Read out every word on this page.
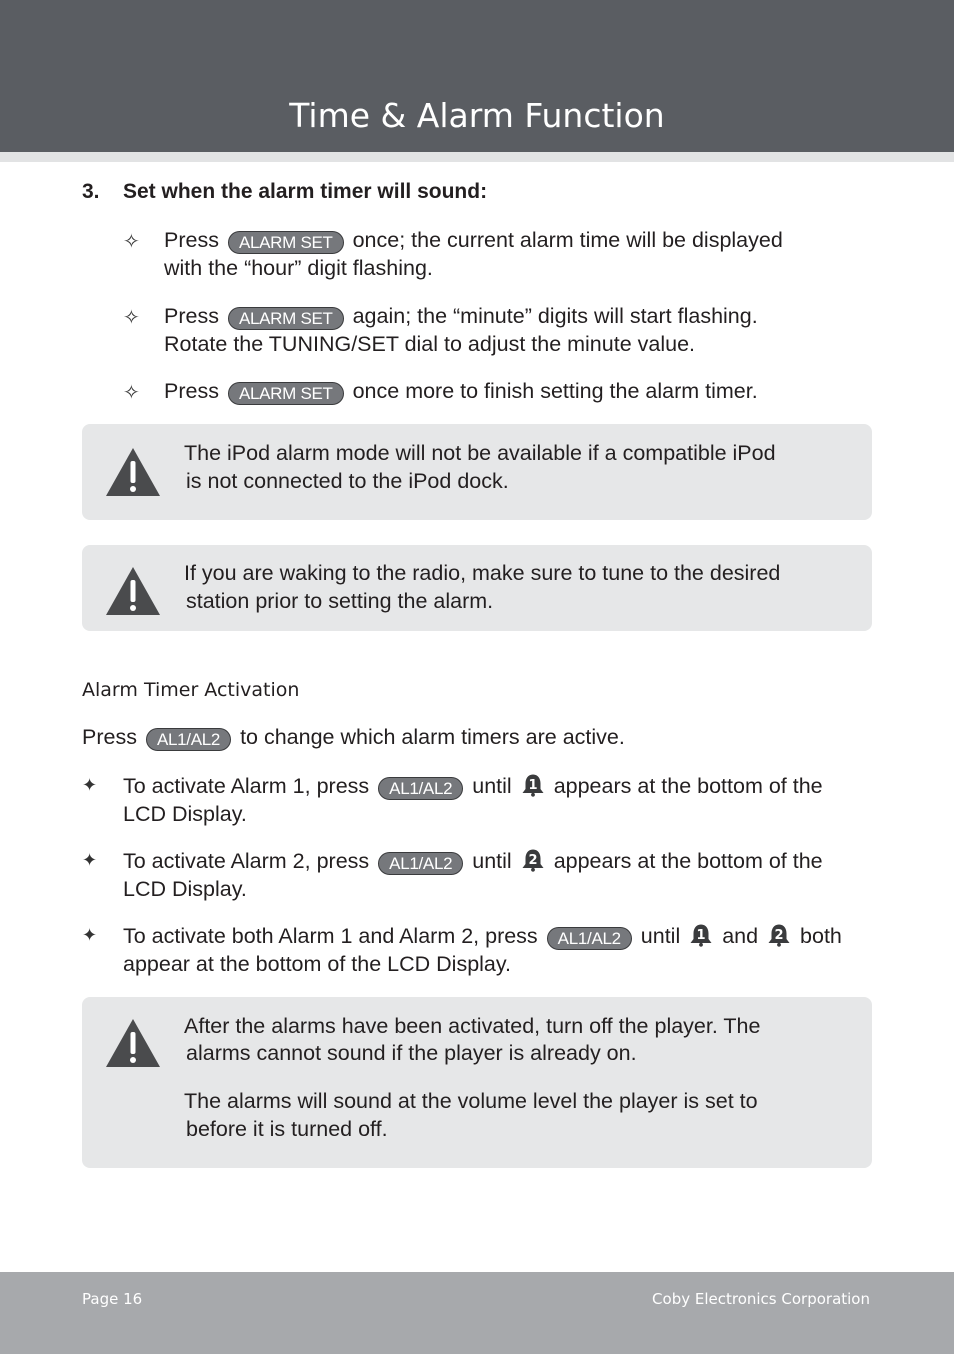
Time & Alarm Function
3. Set when the alarm timer will sound:
✧ Press ALARM SET once; the current alarm time will be displayed
with the “hour” digit flashing.
✧ Press ALARM SET again; the “minute” digits will start flashing.
Rotate the TUNING/SET dial to adjust the minute value.
✧ Press ALARM SET once more to finish setting the alarm timer.
The iPod alarm mode will not be available if a compatible iPod
is not connected to the iPod dock.
If you are waking to the radio, make sure to tune to the desired
station prior to setting the alarm.
Alarm Timer Activation
Press AL1/AL2 to change which alarm timers are active.
✦ To activate Alarm 1, press AL1/AL2 until 1 appears at the bottom of the
LCD Display.
✦ To activate Alarm 2, press AL1/AL2 until 2 appears at the bottom of the
LCD Display.
✦ To activate both Alarm 1 and Alarm 2, press AL1/AL2 until 1 and 2 both
appear at the bottom of the LCD Display.
After the alarms have been activated, turn off the player. The
alarms cannot sound if the player is already on.
The alarms will sound at the volume level the player is set to
before it is turned off.
Page 16	Coby Electronics Corporation
